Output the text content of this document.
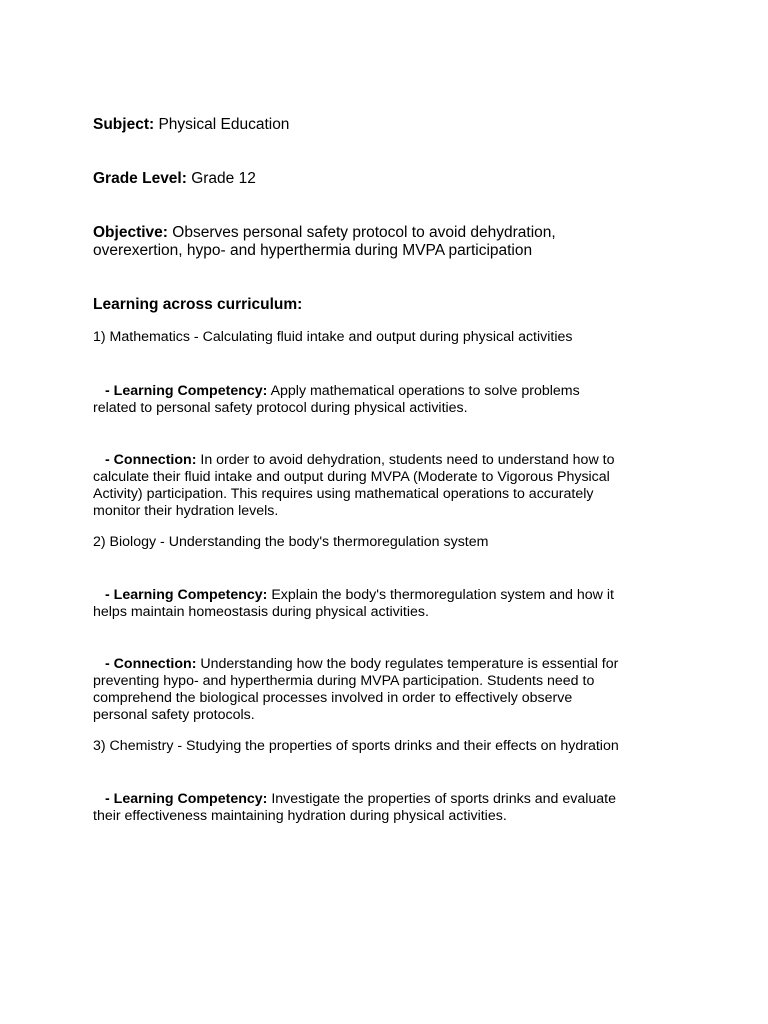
Subject: Physical Education
Grade Level: Grade 12
Objective: Observes personal safety protocol to avoid dehydration,
overexertion, hypo- and hyperthermia during MVPA participation
Learning across curriculum:
1) Mathematics - Calculating fluid intake and output during physical activities
- Learning Competency: Apply mathematical operations to solve problems
related to personal safety protocol during physical activities.
- Connection: In order to avoid dehydration, students need to understand how to
calculate their fluid intake and output during MVPA (Moderate to Vigorous Physical
Activity) participation. This requires using mathematical operations to accurately
monitor their hydration levels.
2) Biology - Understanding the body's thermoregulation system
- Learning Competency: Explain the body's thermoregulation system and how it
helps maintain homeostasis during physical activities.
- Connection: Understanding how the body regulates temperature is essential for
preventing hypo- and hyperthermia during MVPA participation. Students need to
comprehend the biological processes involved in order to effectively observe
personal safety protocols.
3) Chemistry - Studying the properties of sports drinks and their effects on hydration
- Learning Competency: Investigate the properties of sports drinks and evaluate
their effectiveness maintaining hydration during physical activities.
